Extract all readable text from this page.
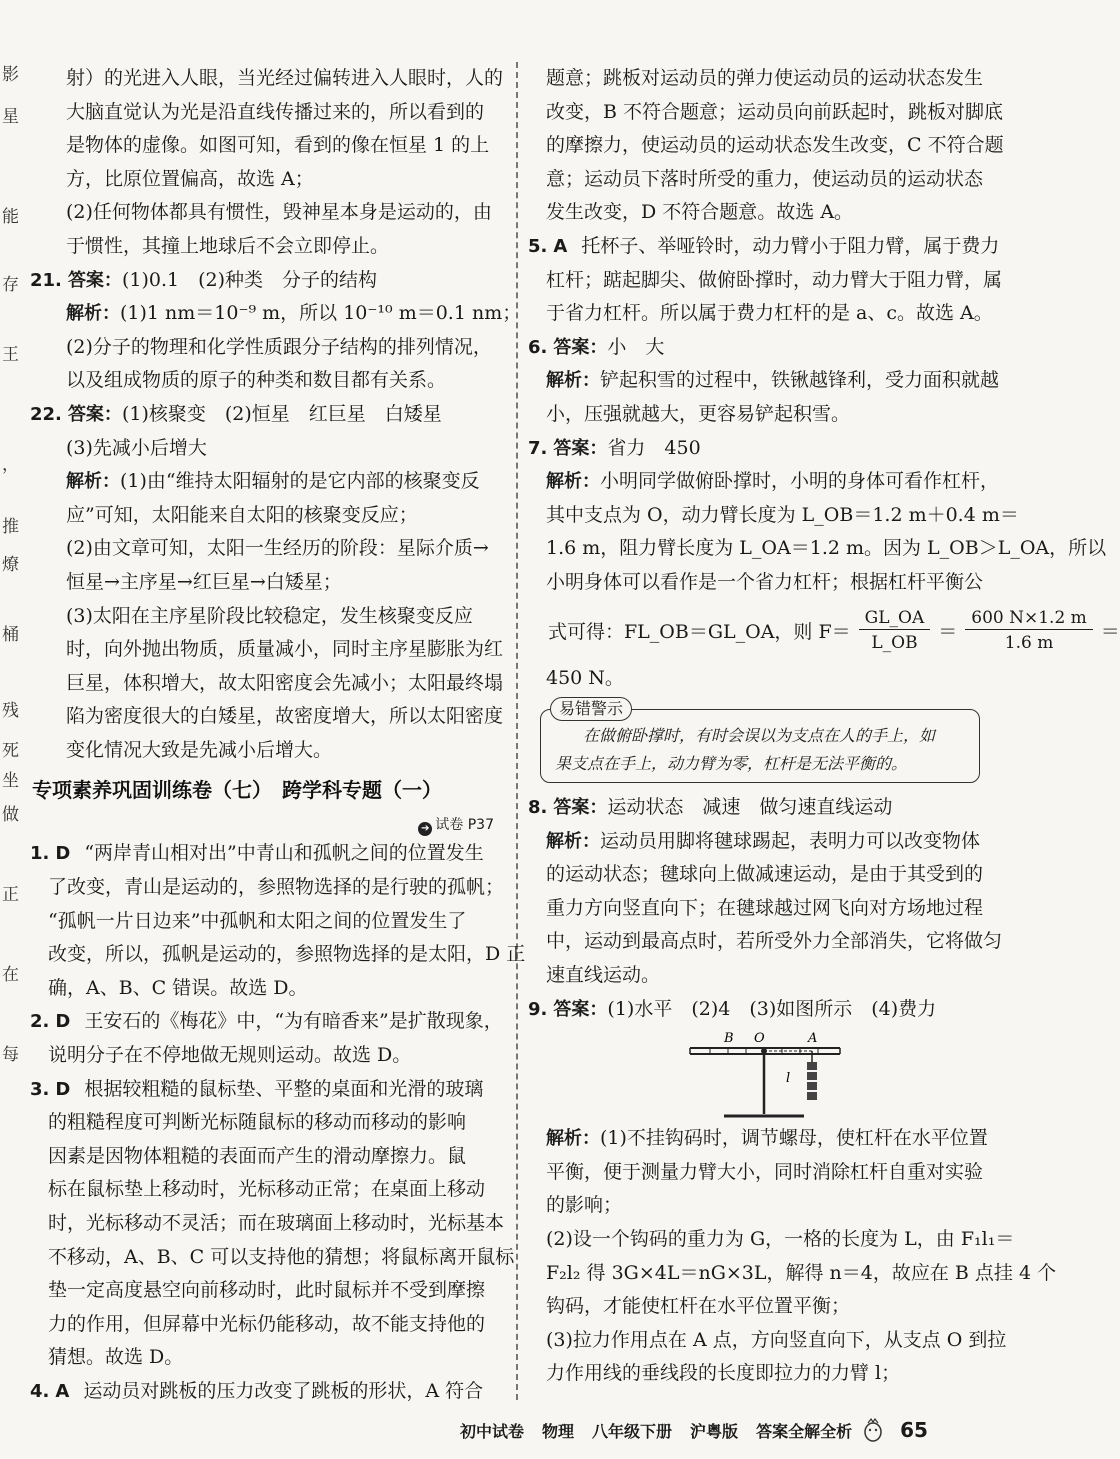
影
星
能
存
王
，
推
燎
桶
残
死
坐
做
正
在
每
射）的光进入人眼，当光经过偏转进入人眼时，人的
大脑直觉认为光是沿直线传播过来的，所以看到的
是物体的虚像。如图可知，看到的像在恒星 1 的上
方，比原位置偏高，故选 A；
(2)任何物体都具有惯性，毁神星本身是运动的，由
于惯性，其撞上地球后不会立即停止。
21. 答案：(1)0.1　(2)种类　分子的结构
解析：(1)1 nm＝10⁻⁹ m，所以 10⁻¹⁰ m＝0.1 nm；
(2)分子的物理和化学性质跟分子结构的排列情况，
以及组成物质的原子的种类和数目都有关系。
22. 答案：(1)核聚变　(2)恒星　红巨星　白矮星
(3)先减小后增大
解析：(1)由“维持太阳辐射的是它内部的核聚变反
应”可知，太阳能来自太阳的核聚变反应；
(2)由文章可知，太阳一生经历的阶段：星际介质→
恒星→主序星→红巨星→白矮星；
(3)太阳在主序星阶段比较稳定，发生核聚变反应
时，向外抛出物质，质量减小，同时主序星膨胀为红
巨星，体积增大，故太阳密度会先减小；太阳最终塌
陷为密度很大的白矮星，故密度增大，所以太阳密度
变化情况大致是先减小后增大。
专项素养巩固训练卷（七）　跨学科专题（一）
➔ 试卷 P37
1. D “两岸青山相对出”中青山和孤帆之间的位置发生
了改变，青山是运动的，参照物选择的是行驶的孤帆；
“孤帆一片日边来”中孤帆和太阳之间的位置发生了
改变，所以，孤帆是运动的，参照物选择的是太阳，D 正
确，A、B、C 错误。故选 D。
2. D 王安石的《梅花》中，“为有暗香来”是扩散现象，
说明分子在不停地做无规则运动。故选 D。
3. D 根据较粗糙的鼠标垫、平整的桌面和光滑的玻璃
的粗糙程度可判断光标随鼠标的移动而移动的影响
因素是因物体粗糙的表面而产生的滑动摩擦力。鼠
标在鼠标垫上移动时，光标移动正常；在桌面上移动
时，光标移动不灵活；而在玻璃面上移动时，光标基本
不移动，A、B、C 可以支持他的猜想；将鼠标离开鼠标
垫一定高度悬空向前移动时，此时鼠标并不受到摩擦
力的作用，但屏幕中光标仍能移动，故不能支持他的
猜想。故选 D。
4. A 运动员对跳板的压力改变了跳板的形状，A 符合
题意；跳板对运动员的弹力使运动员的运动状态发生
改变，B 不符合题意；运动员向前跃起时，跳板对脚底
的摩擦力，使运动员的运动状态发生改变，C 不符合题
意；运动员下落时所受的重力，使运动员的运动状态
发生改变，D 不符合题意。故选 A。
5. A 托杯子、举哑铃时，动力臂小于阻力臂，属于费力
杠杆；踮起脚尖、做俯卧撑时，动力臂大于阻力臂，属
于省力杠杆。所以属于费力杠杆的是 a、c。故选 A。
6. 答案：小　大
解析：铲起积雪的过程中，铁锹越锋利，受力面积就越
小，压强就越大，更容易铲起积雪。
7. 答案：省力　450
解析：小明同学做俯卧撑时，小明的身体可看作杠杆，
其中支点为 O，动力臂长度为 L_OB＝1.2 m＋0.4 m＝
1.6 m，阻力臂长度为 L_OA＝1.2 m。因为 L_OB＞L_OA，所以
小明身体可以看作是一个省力杠杆；根据杠杆平衡公
式可得：FL_OB＝GL_OA，则 $F= \frac{GL\_OA}{L\_OB} = \frac{600 N\times 1.2 m}{1.6 m}$ ＝
450 N。
在做俯卧撑时，有时会误以为支点在人的手上，如
果支点在手上，动力臂为零，杠杆是无法平衡的。
易错警示
8. 答案：运动状态　减速　做匀速直线运动
解析：运动员用脚将毽球踢起，表明力可以改变物体
的运动状态；毽球向上做减速运动，是由于其受到的
重力方向竖直向下；在毽球越过网飞向对方场地过程
中，运动到最高点时，若所受外力全部消失，它将做匀
速直线运动。
9. 答案：(1)水平　(2)4　(3)如图所示　(4)费力
B O	A
l
解析：(1)不挂钩码时，调节螺母，使杠杆在水平位置
平衡，便于测量力臂大小，同时消除杠杆自重对实验
的影响；
(2)设一个钩码的重力为 G，一格的长度为 L，由 F₁l₁＝
F₂l₂ 得 3G×4L＝nG×3L，解得 n＝4，故应在 B 点挂 4 个
钩码，才能使杠杆在水平位置平衡；
(3)拉力作用点在 A 点，方向竖直向下，从支点 O 到拉
力作用线的垂线段的长度即拉力的力臂 l；
初中试卷 物理 八年级下册 沪粤版 答案全解全析 65
